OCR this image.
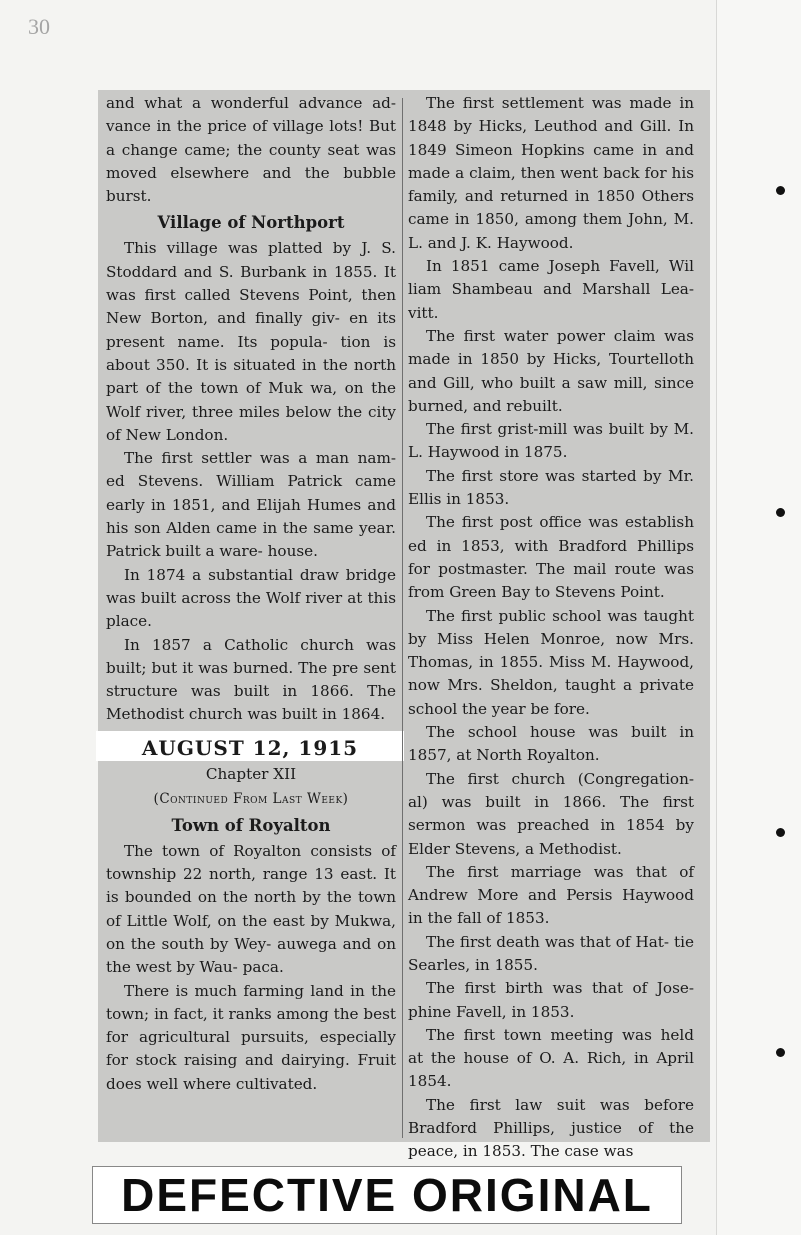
30

and what a wonderful advance ad- vance in the price of village lots! But a change came; the county seat was moved elsewhere and the bubble burst.

Village of Northport

This village was platted by J. S. Stoddard and S. Burbank in 1855. It was first called Stevens Point, then New Borton, and finally giv- en its present name. Its popula- tion is about 350. It is situated in the north part of the town of Muk wa, on the Wolf river, three miles below the city of New London.

The first settler was a man nam- ed Stevens. William Patrick came early in 1851, and Elijah Humes and his son Alden came in the same year. Patrick built a ware- house.

In 1874 a substantial draw bridge was built across the Wolf river at this place.

In 1857 a Catholic church was built; but it was burned. The pre sent structure was built in 1866. The Methodist church was built in 1864.

AUGUST 12, 1915
Chapter XII
(Continued From Last Week)
Town of Royalton

The town of Royalton consists of township 22 north, range 13 east. It is bounded on the north by the town of Little Wolf, on the east by Mukwa, on the south by Wey- auwega and on the west by Wau- paca.

There is much farming land in the town; in fact, it ranks among the best for agricultural pursuits, especially for stock raising and dairying. Fruit does well where cultivated.

The first settlement was made in 1848 by Hicks, Leuthod and Gill. In 1849 Simeon Hopkins came in and made a claim, then went back for his family, and returned in 1850 Others came in 1850, among them John, M. L. and J. K. Haywood.

In 1851 came Joseph Favell, Wil liam Shambeau and Marshall Lea- vitt.

The first water power claim was made in 1850 by Hicks, Tourtelloth and Gill, who built a saw mill, since burned, and rebuilt.

The first grist-mill was built by M. L. Haywood in 1875.

The first store was started by Mr. Ellis in 1853.

The first post office was establish ed in 1853, with Bradford Phillips for postmaster. The mail route was from Green Bay to Stevens Point.

The first public school was taught by Miss Helen Monroe, now Mrs. Thomas, in 1855. Miss M. Haywood, now Mrs. Sheldon, taught a private school the year be fore.

The school house was built in 1857, at North Royalton.

The first church (Congregation- al) was built in 1866. The first sermon was preached in 1854 by Elder Stevens, a Methodist.

The first marriage was that of Andrew More and Persis Haywood in the fall of 1853.

The first death was that of Hat- tie Searles, in 1855.

The first birth was that of Jose- phine Favell, in 1853.

The first town meeting was held at the house of O. A. Rich, in April 1854.

The first law suit was before Bradford Phillips, justice of the peace, in 1853. The case was

DEFECTIVE ORIGINAL
